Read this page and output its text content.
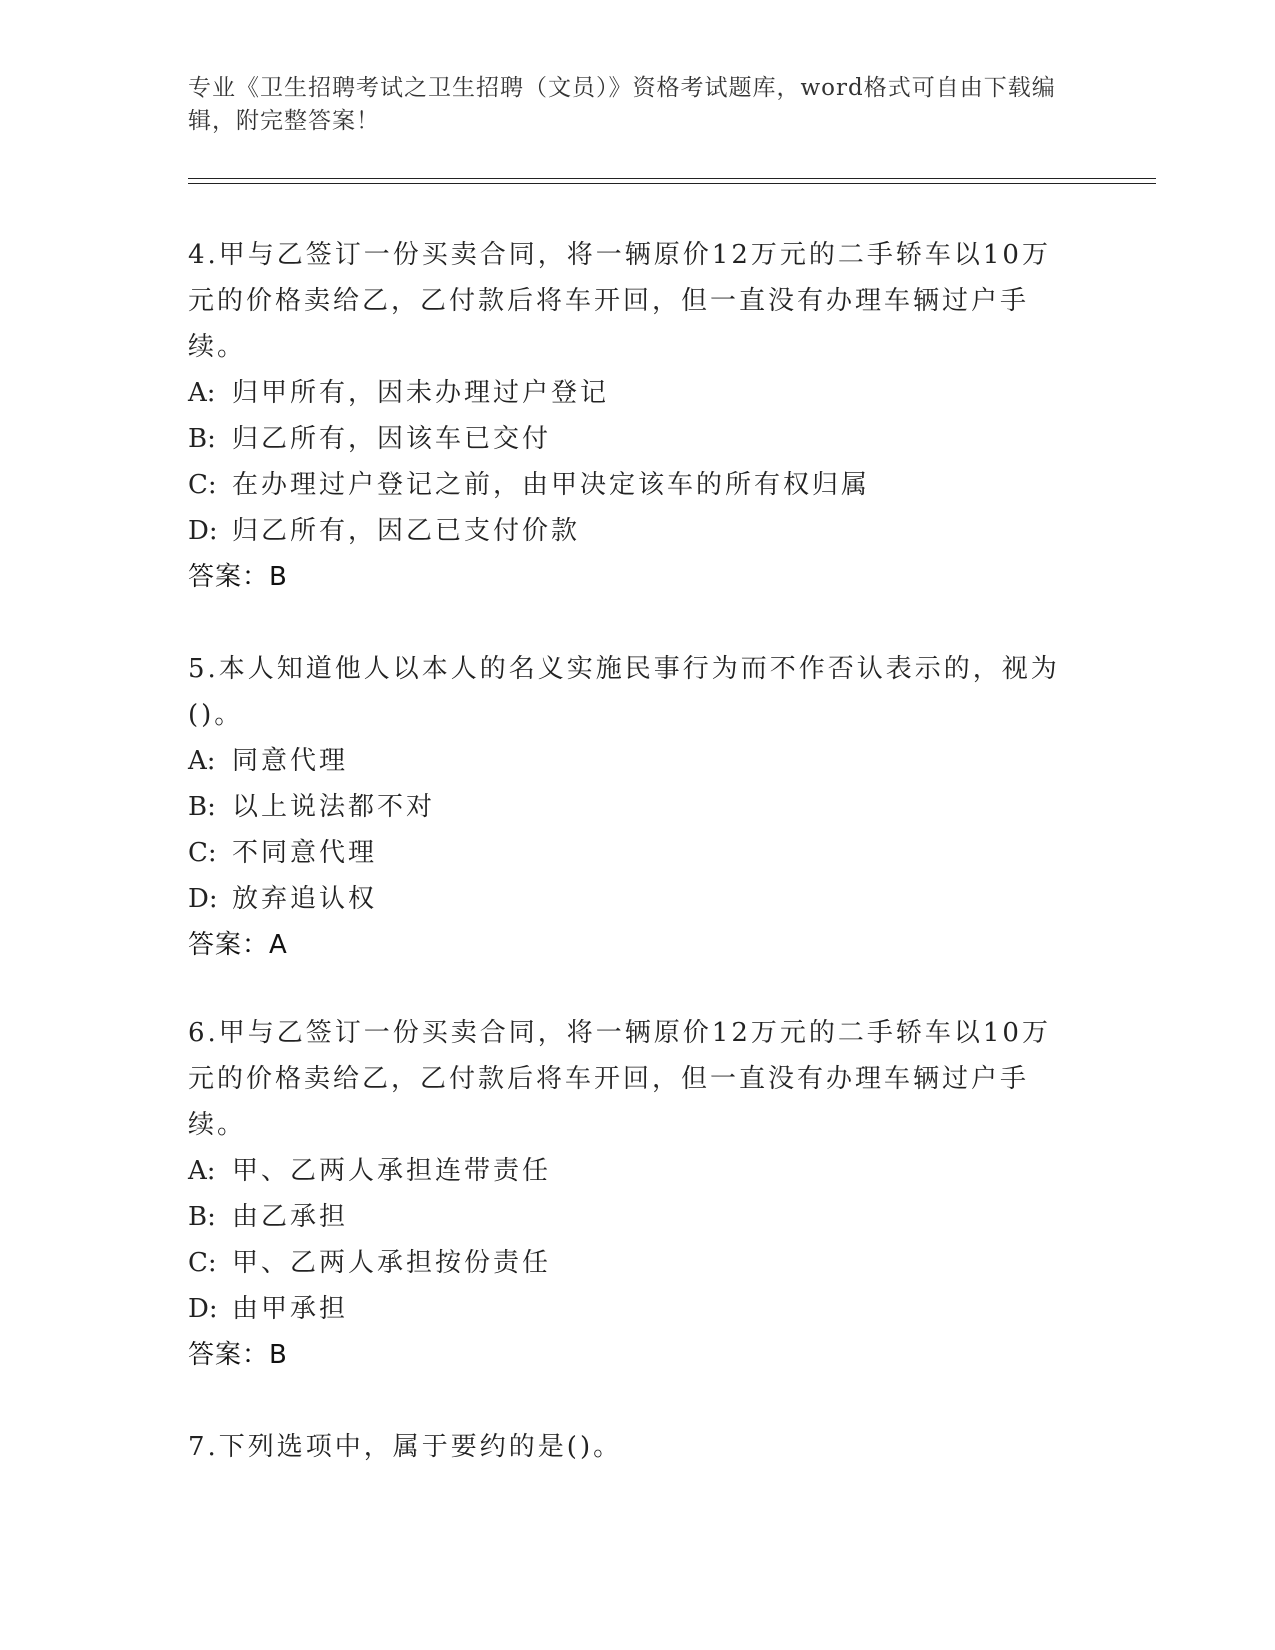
专业《卫生招聘考试之卫生招聘（文员）》资格考试题库，word格式可自由下载编辑，附完整答案！

4.甲与乙签订一份买卖合同，将一辆原价12万元的二手轿车以10万元的价格卖给乙，乙付款后将车开回，但一直没有办理车辆过户手续。

A: 归甲所有，因未办理过户登记

B: 归乙所有，因该车已交付

C: 在办理过户登记之前，由甲决定该车的所有权归属

D: 归乙所有，因乙已支付价款

答案：B

5.本人知道他人以本人的名义实施民事行为而不作否认表示的，视为()。

A: 同意代理

B: 以上说法都不对

C: 不同意代理

D: 放弃追认权

答案：A

6.甲与乙签订一份买卖合同，将一辆原价12万元的二手轿车以10万元的价格卖给乙，乙付款后将车开回，但一直没有办理车辆过户手续。

A: 甲、乙两人承担连带责任

B: 由乙承担

C: 甲、乙两人承担按份责任

D: 由甲承担

答案：B

7.下列选项中，属于要约的是()。
